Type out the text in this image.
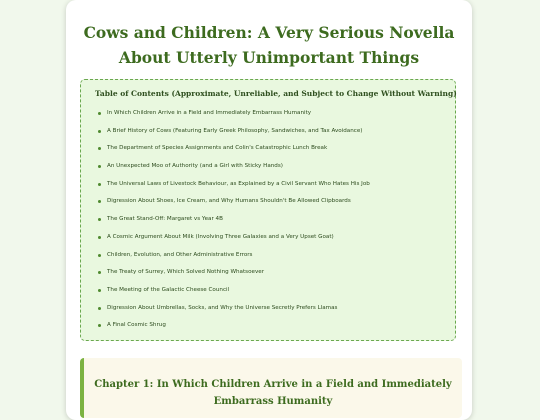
Cows and Children: A Very Serious Novella About Utterly Unimportant Things
Table of Contents (Approximate, Unreliable, and Subject to Change Without Warning)
In Which Children Arrive in a Field and Immediately Embarrass Humanity
A Brief History of Cows (Featuring Early Greek Philosophy, Sandwiches, and Tax Avoidance)
The Department of Species Assignments and Colin's Catastrophic Lunch Break
An Unexpected Moo of Authority (and a Girl with Sticky Hands)
The Universal Laws of Livestock Behaviour, as Explained by a Civil Servant Who Hates His Job
Digression About Shoes, Ice Cream, and Why Humans Shouldn't Be Allowed Clipboards
The Great Stand-Off: Margaret vs Year 4B
A Cosmic Argument About Milk (Involving Three Galaxies and a Very Upset Goat)
Children, Evolution, and Other Administrative Errors
The Treaty of Surrey, Which Solved Nothing Whatsoever
The Meeting of the Galactic Cheese Council
Digression About Umbrellas, Socks, and Why the Universe Secretly Prefers Llamas
A Final Cosmic Shrug
Chapter 1: In Which Children Arrive in a Field and Immediately Embarrass Humanity
